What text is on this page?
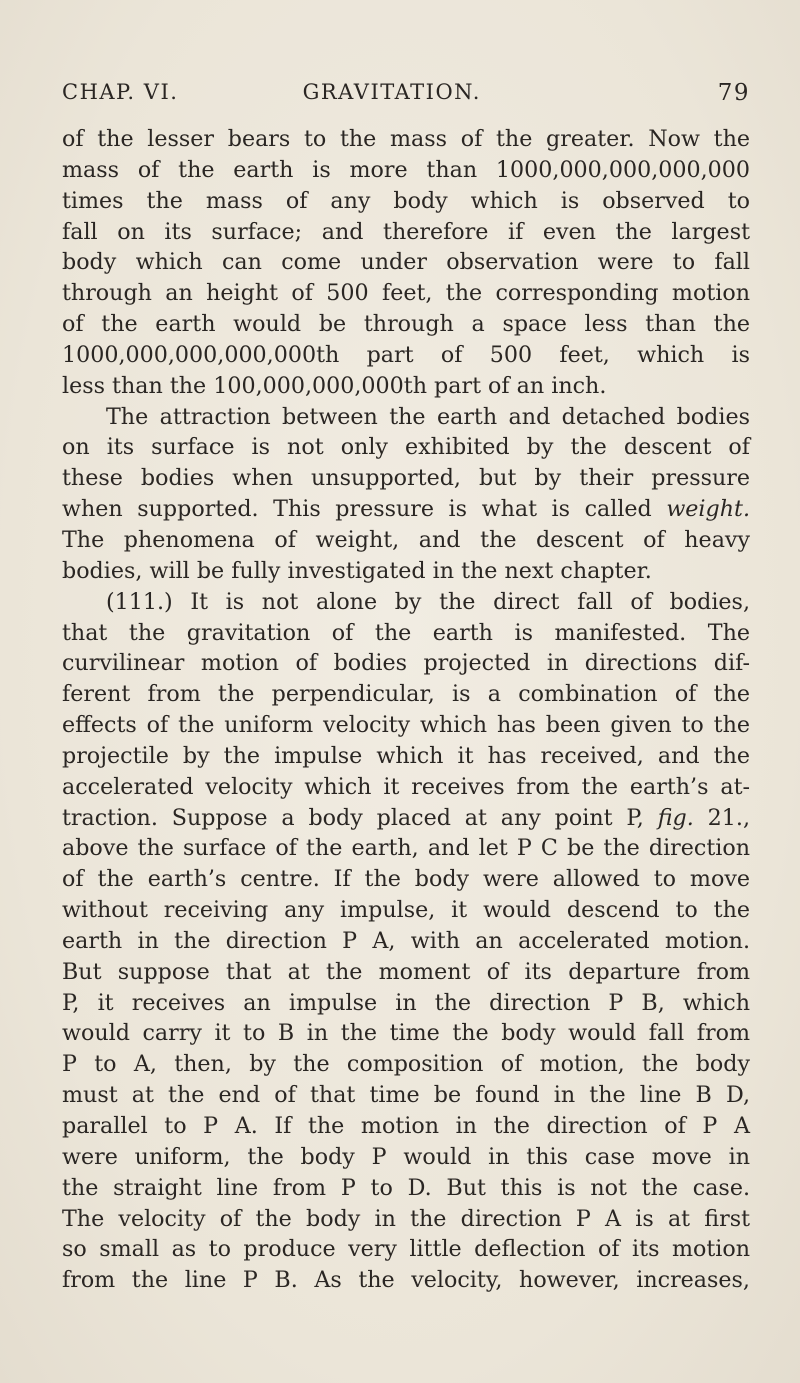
CHAP. VI.	GRAVITATION.	79
of the lesser bears to the mass of the greater. Now the
mass of the earth is more than 1000,000,000,000,000
times the mass of any body which is observed to
fall on its surface; and therefore if even the largest
body which can come under observation were to fall
through an height of 500 feet, the corresponding motion
of the earth would be through a space less than the
1000,000,000,000,000th part of 500 feet, which is
less than the 100,000,000,000th part of an inch.
The attraction between the earth and detached bodies
on its surface is not only exhibited by the descent of
these bodies when unsupported, but by their pressure
when supported. This pressure is what is called weight.
The phenomena of weight, and the descent of heavy
bodies, will be fully investigated in the next chapter.
(111.) It is not alone by the direct fall of bodies,
that the gravitation of the earth is manifested. The
curvilinear motion of bodies projected in directions dif-
ferent from the perpendicular, is a combination of the
effects of the uniform velocity which has been given to the
projectile by the impulse which it has received, and the
accelerated velocity which it receives from the earth’s at-
traction. Suppose a body placed at any point P, fig. 21.,
above the surface of the earth, and let P C be the direction
of the earth’s centre. If the body were allowed to move
without receiving any impulse, it would descend to the
earth in the direction P A, with an accelerated motion.
But suppose that at the moment of its departure from
P, it receives an impulse in the direction P B, which
would carry it to B in the time the body would fall from
P to A, then, by the composition of motion, the body
must at the end of that time be found in the line B D,
parallel to P A. If the motion in the direction of P A
were uniform, the body P would in this case move in
the straight line from P to D. But this is not the case.
The velocity of the body in the direction P A is at first
so small as to produce very little deflection of its motion
from the line P B. As the velocity, however, increases,
